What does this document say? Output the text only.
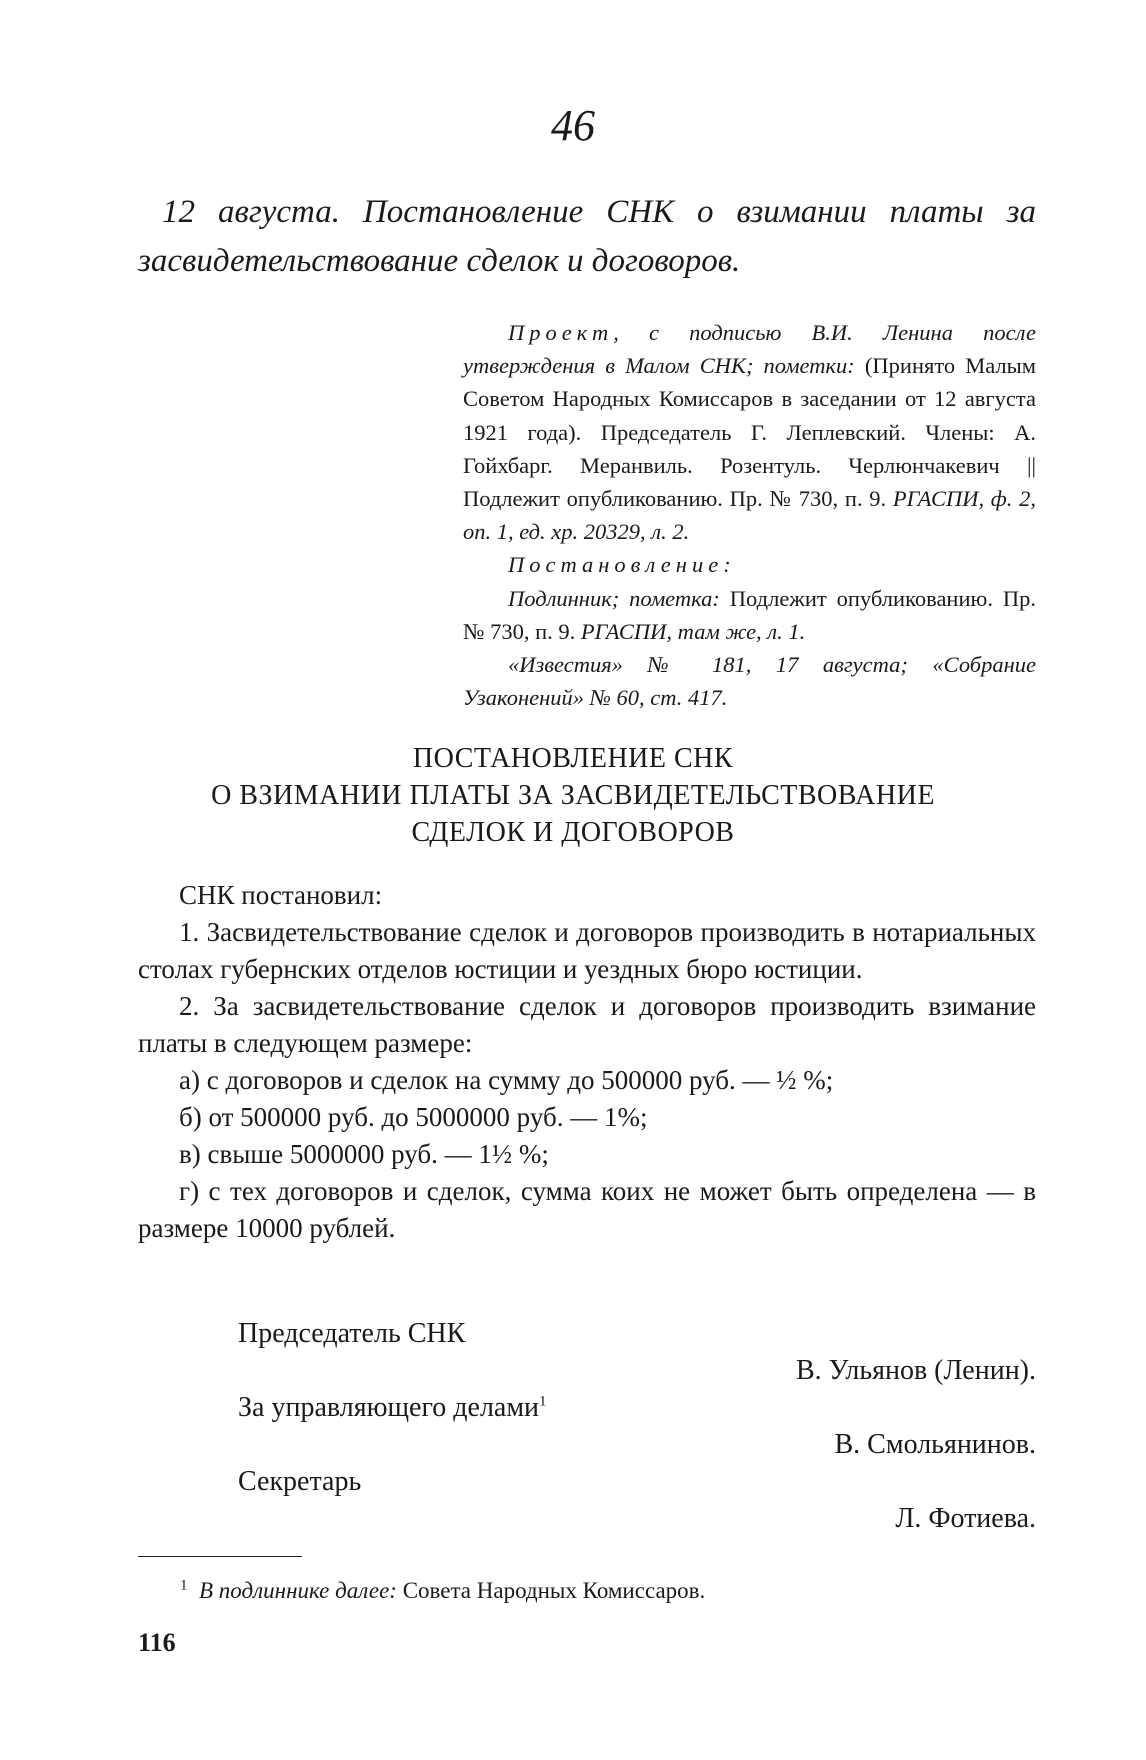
46
12 августа. Постановление СНК о взимании платы за засвидетельствование сделок и договоров.

Проект, с подписью В.И. Ленина после утверждения в Малом СНК; пометки: (Принято Малым Советом Народных Комиссаров в заседании от 12 августа 1921 года). Председатель Г. Леплевский. Члены: А. Гойхбарг. Меранвиль. Розентуль. Черлюнчакевич || Подлежит опубликованию. Пр. № 730, п. 9. РГАСПИ, ф. 2, оп. 1, ед. хр. 20329, л. 2.

Постановление:

Подлинник; пометка: Подлежит опубликованию. Пр. № 730, п. 9. РГАСПИ, там же, л. 1.

«Известия» № 181, 17 августа; «Собрание Узаконений» № 60, ст. 417.

ПОСТАНОВЛЕНИЕ СНК
О ВЗИМАНИИ ПЛАТЫ ЗА ЗАСВИДЕТЕЛЬСТВОВАНИЕ
СДЕЛОК И ДОГОВОРОВ

СНК постановил:

1. Засвидетельствование сделок и договоров производить в нотариальных столах губернских отделов юстиции и уездных бюро юстиции.

2. За засвидетельствование сделок и договоров производить взимание платы в следующем размере:

а) с договоров и сделок на сумму до 500000 руб. — ½ %;

б) от 500000 руб. до 5000000 руб. — 1%;

в) свыше 5000000 руб. — 1½ %;

г) с тех договоров и сделок, сумма коих не может быть определена — в размере 10000 рублей.

Председатель СНК
В. Ульянов (Ленин).
За управляющего делами$^1$
В. Смольянинов.
Секретарь
Л. Фотиева.
$^1$ В подлиннике далее: Совета Народных Комиссаров.
116
